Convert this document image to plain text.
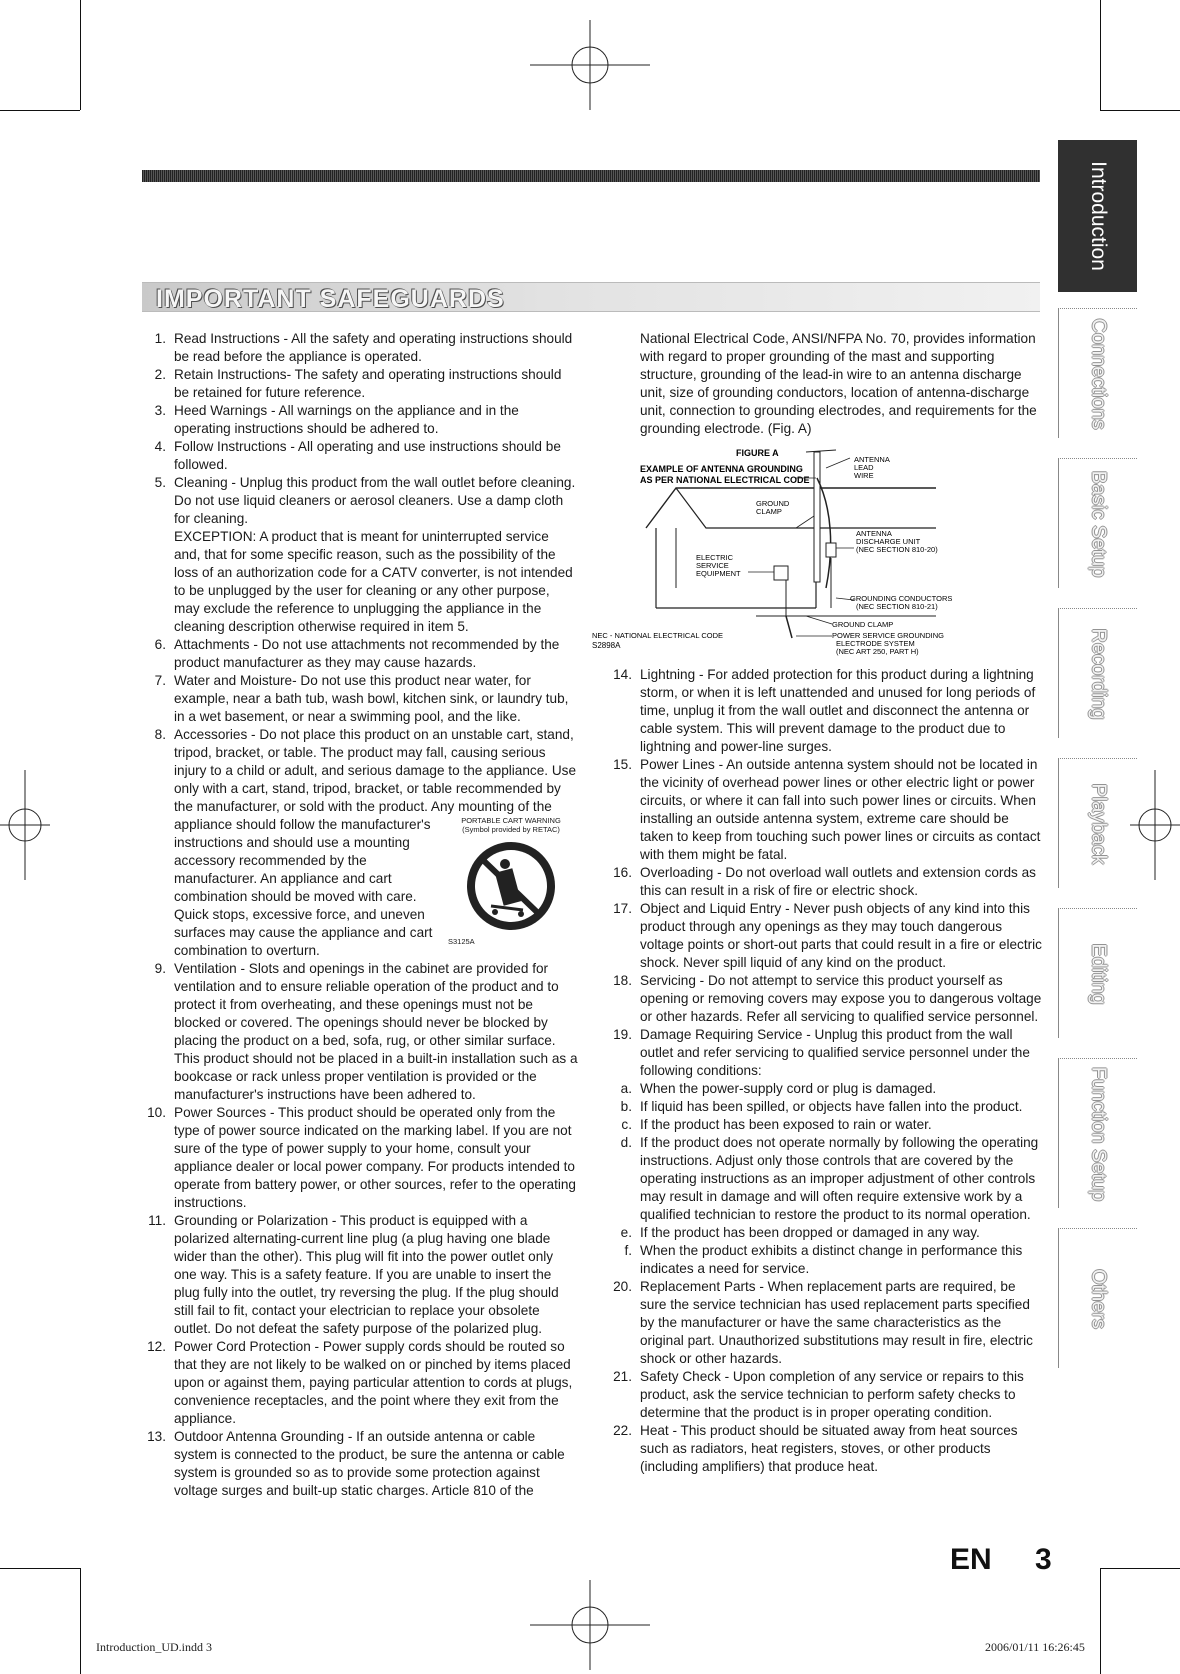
IMPORTANT SAFEGUARDS
Introduction
Connections
Basic Setup
Recording
Playback
Editing
Function Setup
Others
1. Read Instructions - All the safety and operating instructions should be read before the appliance is operated.
2. Retain Instructions- The safety and operating instructions should be retained for future reference.
3. Heed Warnings - All warnings on the appliance and in the operating instructions should be adhered to.
4. Follow Instructions - All operating and use instructions should be followed.
5. Cleaning - Unplug this product from the wall outlet before cleaning. Do not use liquid cleaners or aerosol cleaners. Use a damp cloth for cleaning.
EXCEPTION: A product that is meant for uninterrupted service and, that for some specific reason, such as the possibility of the loss of an authorization code for a CATV converter, is not intended to be unplugged by the user for cleaning or any other purpose, may exclude the reference to unplugging the appliance in the cleaning description otherwise required in item 5.
6. Attachments - Do not use attachments not recommended by the product manufacturer as they may cause hazards.
7. Water and Moisture- Do not use this product near water, for example, near a bath tub, wash bowl, kitchen sink, or laundry tub, in a wet basement, or near a swimming pool, and the like.
8. Accessories - Do not place this product on an unstable cart, stand, tripod, bracket, or table. The product may fall, causing serious injury to a child or adult, and serious damage to the appliance. Use only with a cart, stand, tripod, bracket, or table recommended by the manufacturer, or sold with the product. Any mounting of the
appliance should follow the manufacturer's
instructions and should use a mounting
accessory recommended by the
manufacturer. An appliance and cart
combination should be moved with care.
Quick stops, excessive force, and uneven
surfaces may cause the appliance and cart
combination to overturn.
PORTABLE CART WARNING
(Symbol provided by RETAC)
S3125A
9. Ventilation - Slots and openings in the cabinet are provided for ventilation and to ensure reliable operation of the product and to protect it from overheating, and these openings must not be blocked or covered. The openings should never be blocked by placing the product on a bed, sofa, rug, or other similar surface. This product should not be placed in a built-in installation such as a bookcase or rack unless proper ventilation is provided or the manufacturer's instructions have been adhered to.
10. Power Sources - This product should be operated only from the type of power source indicated on the marking label. If you are not sure of the type of power supply to your home, consult your appliance dealer or local power company. For products intended to operate from battery power, or other sources, refer to the operating instructions.
11. Grounding or Polarization - This product is equipped with a polarized alternating-current line plug (a plug having one blade wider than the other). This plug will fit into the power outlet only one way. This is a safety feature. If you are unable to insert the plug fully into the outlet, try reversing the plug. If the plug should still fail to fit, contact your electrician to replace your obsolete outlet. Do not defeat the safety purpose of the polarized plug.
12. Power Cord Protection - Power supply cords should be routed so that they are not likely to be walked on or pinched by items placed upon or against them, paying particular attention to cords at plugs, convenience receptacles, and the point where they exit from the appliance.
13. Outdoor Antenna Grounding - If an outside antenna or cable system is connected to the product, be sure the antenna or cable system is grounded so as to provide some protection against voltage surges and built-up static charges. Article 810 of the
National Electrical Code, ANSI/NFPA No. 70, provides information with regard to proper grounding of the mast and supporting structure, grounding of the lead-in wire to an antenna discharge unit, size of grounding conductors, location of antenna-discharge unit, connection to grounding electrodes, and requirements for the grounding electrode. (Fig. A)
FIGURE A
EXAMPLE OF ANTENNA GROUNDING
AS PER NATIONAL ELECTRICAL CODE
ANTENNA
LEAD
WIRE
GROUND
CLAMP
ANTENNA
DISCHARGE UNIT
(NEC SECTION 810-20)
ELECTRIC
SERVICE
EQUIPMENT
GROUNDING CONDUCTORS
(NEC SECTION 810-21)
GROUND CLAMP
NEC - NATIONAL ELECTRICAL CODE
S2898A
POWER SERVICE GROUNDING
ELECTRODE SYSTEM
(NEC ART 250, PART H)
14. Lightning - For added protection for this product during a lightning storm, or when it is left unattended and unused for long periods of time, unplug it from the wall outlet and disconnect the antenna or cable system. This will prevent damage to the product due to lightning and power-line surges.
15. Power Lines - An outside antenna system should not be located in the vicinity of overhead power lines or other electric light or power circuits, or where it can fall into such power lines or circuits. When installing an outside antenna system, extreme care should be taken to keep from touching such power lines or circuits as contact with them might be fatal.
16. Overloading - Do not overload wall outlets and extension cords as this can result in a risk of fire or electric shock.
17. Object and Liquid Entry - Never push objects of any kind into this product through any openings as they may touch dangerous voltage points or short-out parts that could result in a fire or electric shock. Never spill liquid of any kind on the product.
18. Servicing - Do not attempt to service this product yourself as opening or removing covers may expose you to dangerous voltage or other hazards. Refer all servicing to qualified service personnel.
19. Damage Requiring Service - Unplug this product from the wall outlet and refer servicing to qualified service personnel under the following conditions:
a. When the power-supply cord or plug is damaged.
b. If liquid has been spilled, or objects have fallen into the product.
c. If the product has been exposed to rain or water.
d. If the product does not operate normally by following the operating instructions. Adjust only those controls that are covered by the operating instructions as an improper adjustment of other controls may result in damage and will often require extensive work by a qualified technician to restore the product to its normal operation.
e. If the product has been dropped or damaged in any way.
f. When the product exhibits a distinct change in performance this indicates a need for service.
20. Replacement Parts - When replacement parts are required, be sure the service technician has used replacement parts specified by the manufacturer or have the same characteristics as the original part. Unauthorized substitutions may result in fire, electric shock or other hazards.
21. Safety Check - Upon completion of any service or repairs to this product, ask the service technician to perform safety checks to determine that the product is in proper operating condition.
22. Heat - This product should be situated away from heat sources such as radiators, heat registers, stoves, or other products (including amplifiers) that produce heat.
EN 3
Introduction_UD.indd 3	2006/01/11 16:26:45
